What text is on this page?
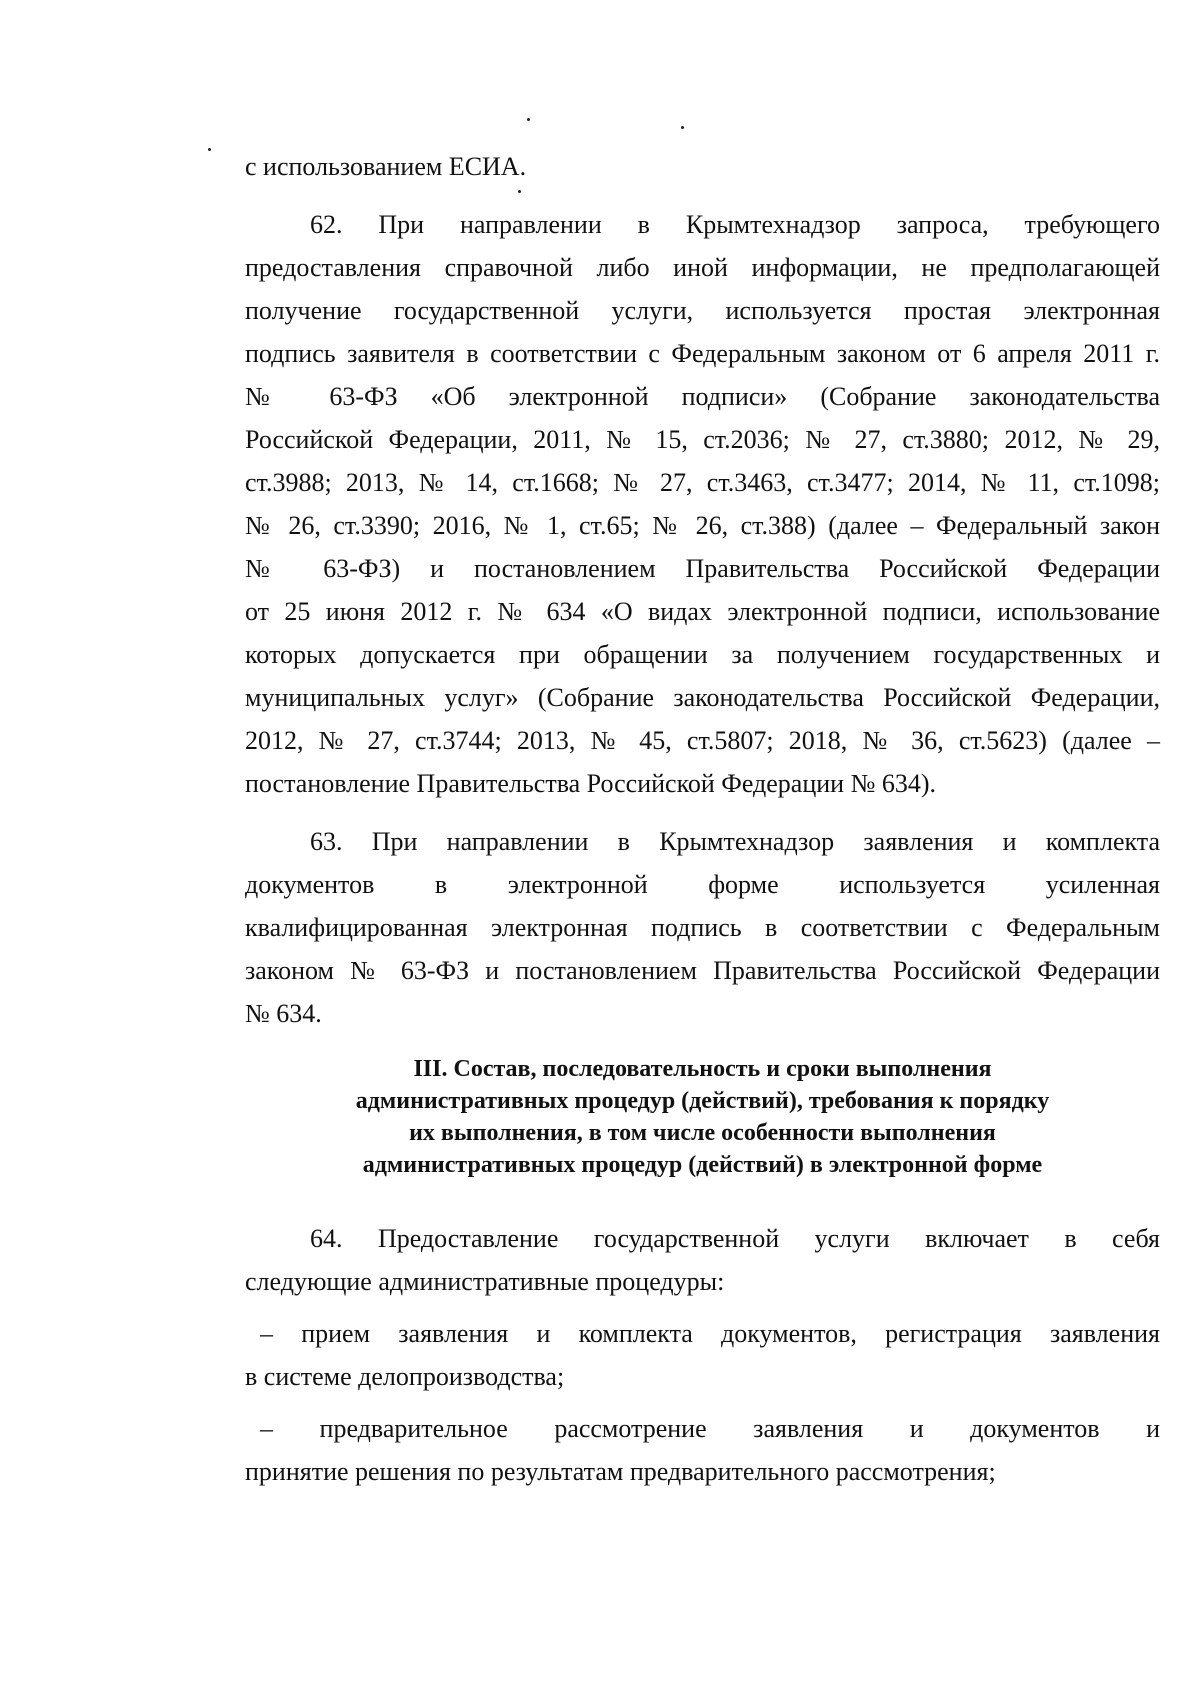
с использованием ЕСИА.
62. При направлении в Крымтехнадзор запроса, требующего
предоставления справочной либо иной информации, не предполагающей
получение государственной услуги, используется простая электронная
подпись заявителя в соответствии с Федеральным законом от 6 апреля 2011 г.
№ 63-ФЗ «Об электронной подписи» (Собрание законодательства
Российской Федерации, 2011, № 15, ст.2036; № 27, ст.3880; 2012, № 29,
ст.3988; 2013, № 14, ст.1668; № 27, ст.3463, ст.3477; 2014, № 11, ст.1098;
№ 26, ст.3390; 2016, № 1, ст.65; № 26, ст.388) (далее – Федеральный закон
№ 63-ФЗ) и постановлением Правительства Российской Федерации
от 25 июня 2012 г. № 634 «О видах электронной подписи, использование
которых допускается при обращении за получением государственных и
муниципальных услуг» (Собрание законодательства Российской Федерации,
2012, № 27, ст.3744; 2013, № 45, ст.5807; 2018, № 36, ст.5623) (далее –
постановление Правительства Российской Федерации № 634).
63. При направлении в Крымтехнадзор заявления и комплекта
документов в электронной форме используется усиленная
квалифицированная электронная подпись в соответствии с Федеральным
законом № 63-ФЗ и постановлением Правительства Российской Федерации
№ 634.
III. Состав, последовательность и сроки выполнения
административных процедур (действий), требования к порядку
их выполнения, в том числе особенности выполнения
административных процедур (действий) в электронной форме
64. Предоставление государственной услуги включает в себя
следующие административные процедуры:
– прием заявления и комплекта документов, регистрация заявления
в системе делопроизводства;
– предварительное рассмотрение заявления и документов и
принятие решения по результатам предварительного рассмотрения;
